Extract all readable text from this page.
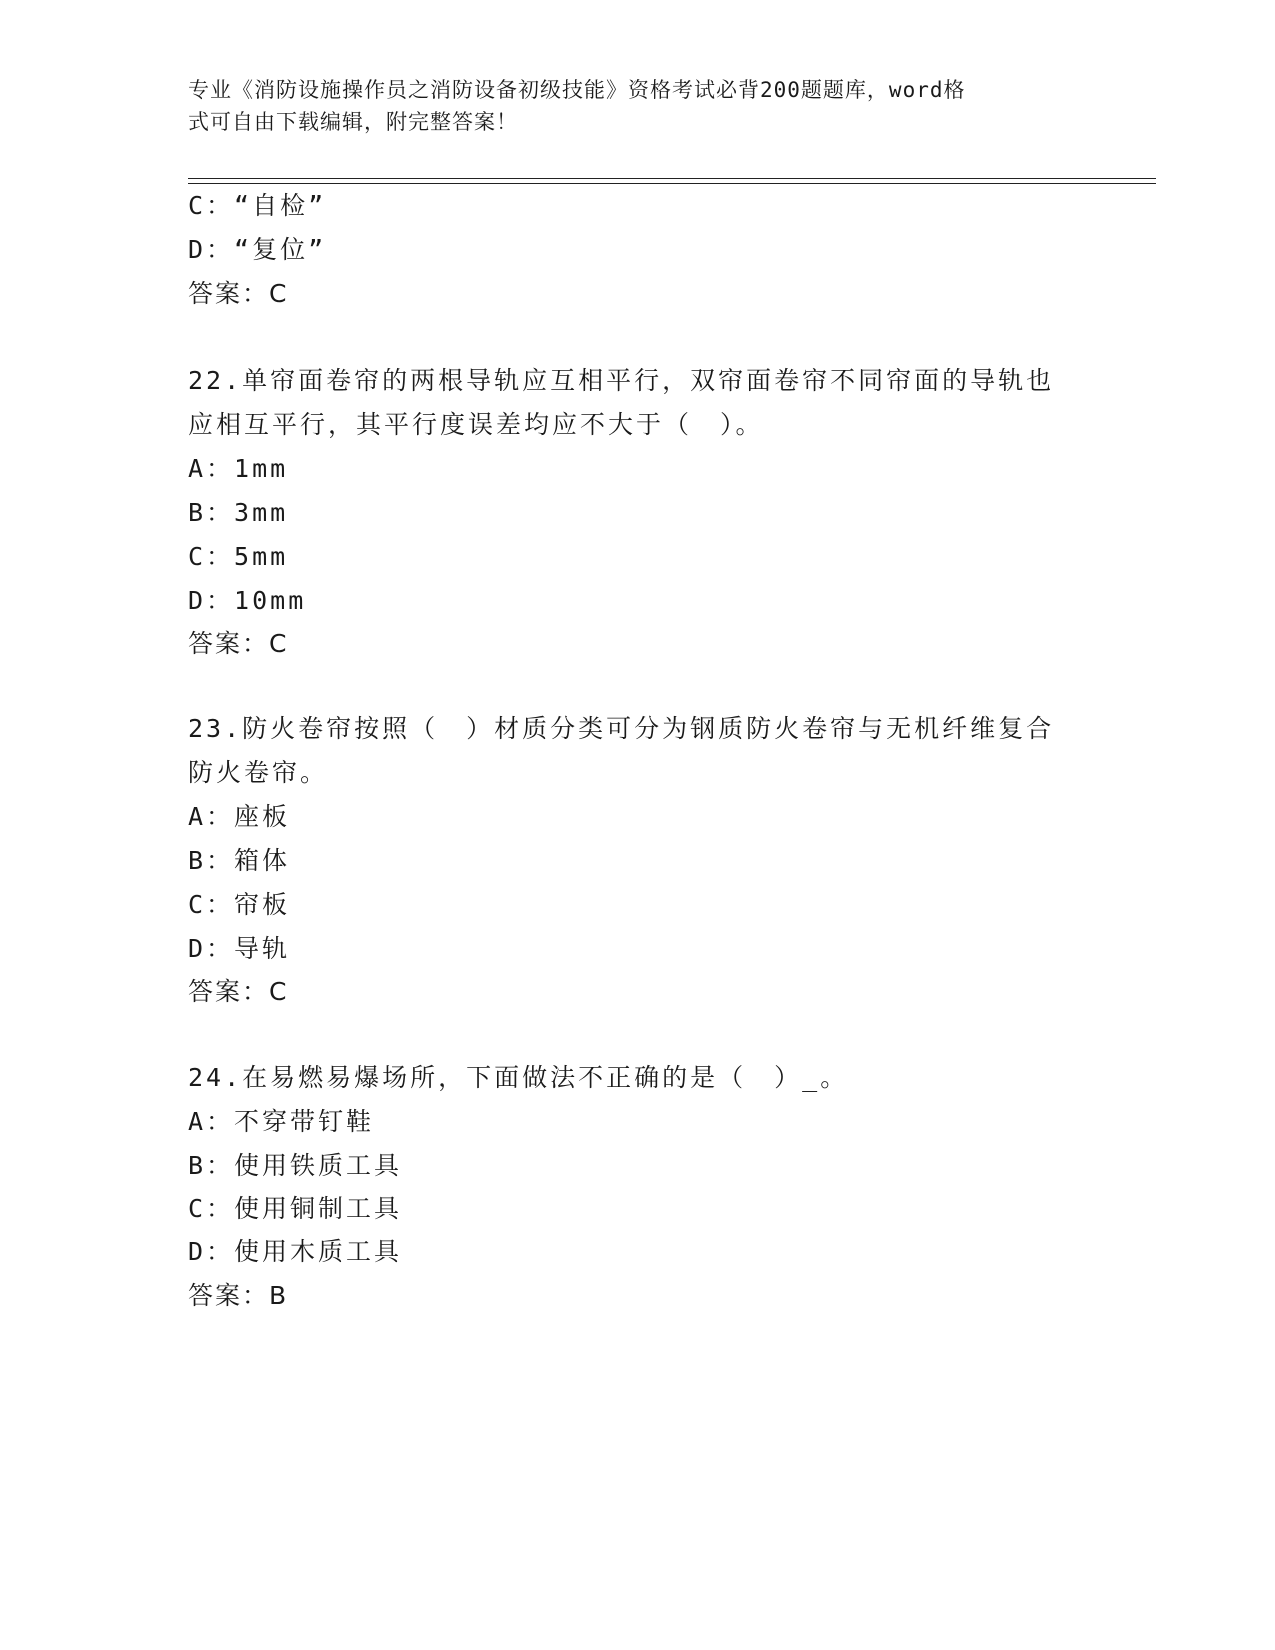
专业《消防设施操作员之消防设备初级技能》资格考试必背200题题库，word格
式可自由下载编辑，附完整答案！
C：“自检”
D：“复位”
答案：C
22.单帘面卷帘的两根导轨应互相平行，双帘面卷帘不同帘面的导轨也
应相互平行，其平行度误差均应不大于（　）。
A：1mm
B：3mm
C：5mm
D：10mm
答案：C
23.防火卷帘按照（　）材质分类可分为钢质防火卷帘与无机纤维复合
防火卷帘。
A：座板
B：箱体
C：帘板
D：导轨
答案：C
24.在易燃易爆场所，下面做法不正确的是（　）_。
A：不穿带钉鞋
B：使用铁质工具
C：使用铜制工具
D：使用木质工具
答案：B
